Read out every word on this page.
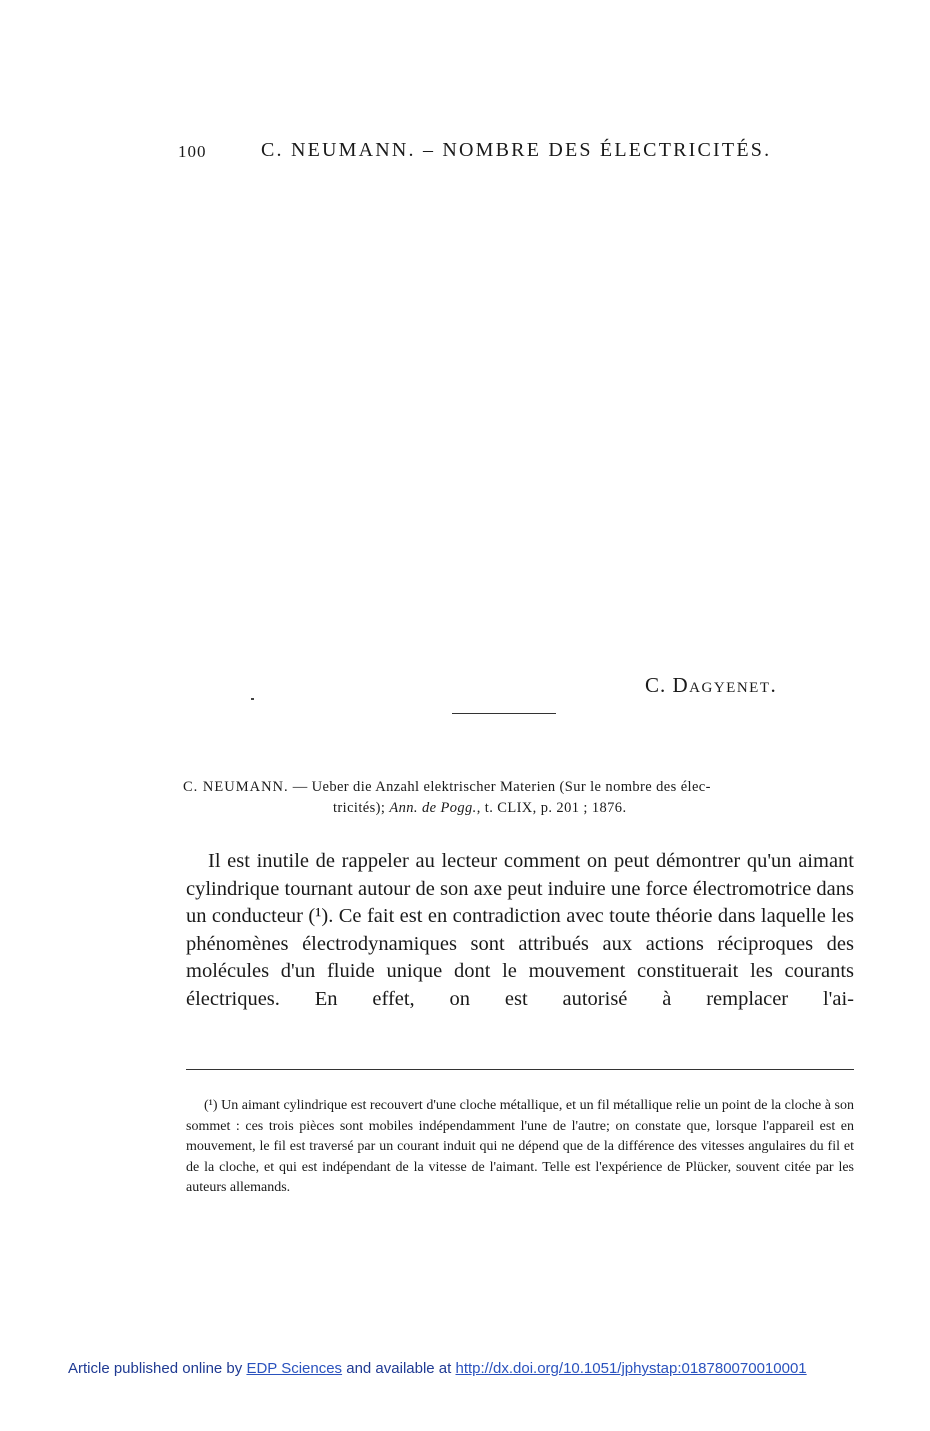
100	C. NEUMANN. – NOMBRE DES ÉLECTRICITÉS.
C. Dagυenet.
C. NEUMANN. — Ueber die Anzahl elektrischer Materien (Sur le nombre des élec-
tricités); Ann. de Pogg., t. CLIX, p. 201 ; 1876.

Il est inutile de rappeler au lecteur comment on peut démontrer qu'un aimant cylindrique tournant autour de son axe peut induire une force électromotrice dans un conducteur (¹). Ce fait est en contradiction avec toute théorie dans laquelle les phénomènes électrodynamiques sont attribués aux actions réciproques des molécules d'un fluide unique dont le mouvement constituerait les courants électriques. En effet, on est autorisé à remplacer l'ai-

(¹) Un aimant cylindrique est recouvert d'une cloche métallique, et un fil métallique relie un point de la cloche à son sommet : ces trois pièces sont mobiles indépendamment l'une de l'autre; on constate que, lorsque l'appareil est en mouvement, le fil est traversé par un courant induit qui ne dépend que de la différence des vitesses angulaires du fil et de la cloche, et qui est indépendant de la vitesse de l'aimant. Telle est l'expérience de Plücker, souvent citée par les auteurs allemands.

Article published online by EDP Sciences and available at http://dx.doi.org/10.1051/jphystap:018780070010001
